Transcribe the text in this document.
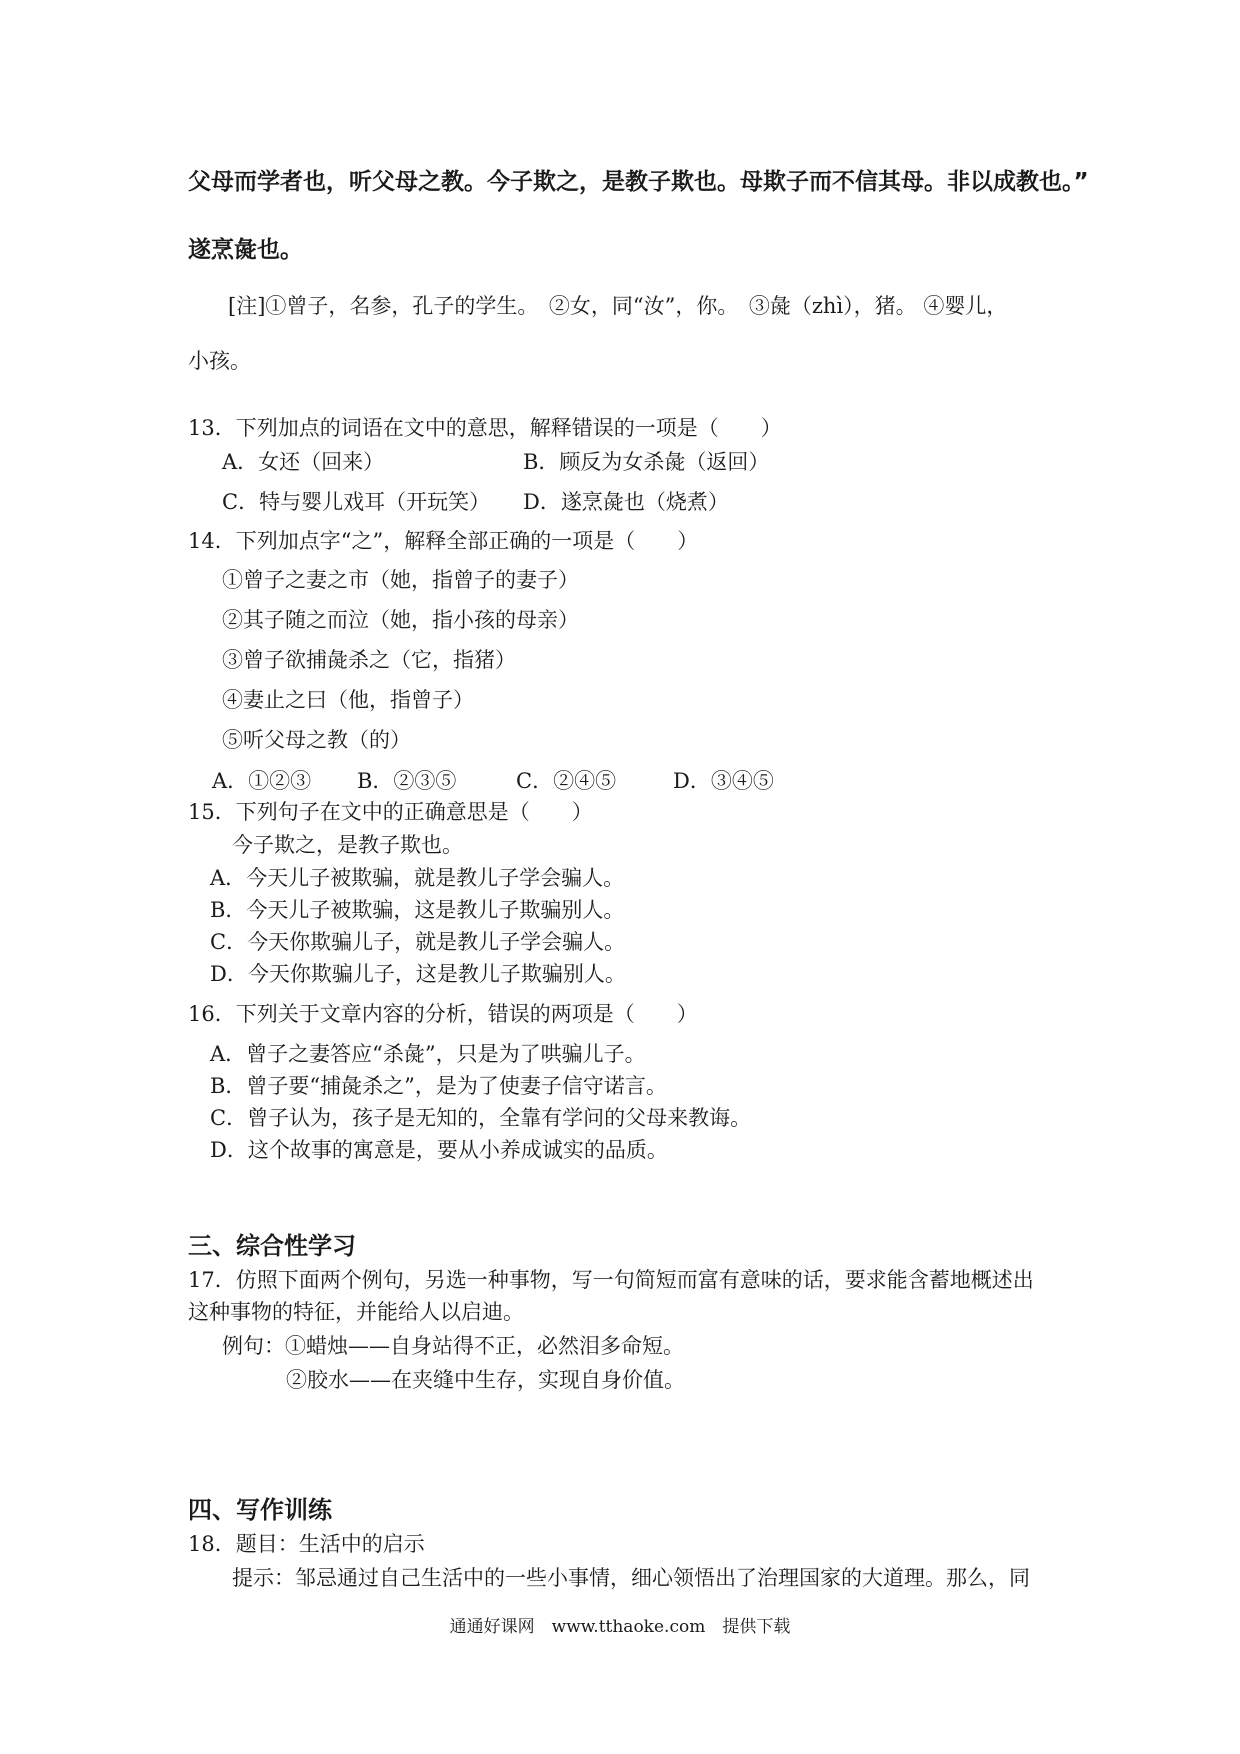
父母而学者也，听父母之教。今子欺之，是教子欺也。母欺子而不信其母。非以成教也。”
遂烹彘也。
[注]①曾子，名参，孔子的学生。　②女，同“汝”，你。　③彘（zhì），猪。 ④婴儿，
小孩。
13．下列加点的词语在文中的意思，解释错误的一项是（　　）
A．女还（回来）	B．顾反为女杀彘（返回）
C．特与婴儿戏耳（开玩笑） D．遂烹彘也（烧煮）
14．下列加点字“之”，解释全部正确的一项是（　　）
①曾子之妻之市（她，指曾子的妻子）
②其子随之而泣（她，指小孩的母亲）
③曾子欲捕彘杀之（它，指猪）
④妻止之曰（他，指曾子）
⑤听父母之教（的）
A．①②③ B．②③⑤	C．②④⑤	D．③④⑤
15．下列句子在文中的正确意思是（　　）
今子欺之，是教子欺也。
A．今天儿子被欺骗，就是教儿子学会骗人。
B．今天儿子被欺骗，这是教儿子欺骗别人。
C．今天你欺骗儿子，就是教儿子学会骗人。
D．今天你欺骗儿子，这是教儿子欺骗别人。
16．下列关于文章内容的分析，错误的两项是（　　）
A．曾子之妻答应“杀彘”，只是为了哄骗儿子。
B．曾子要“捕彘杀之”，是为了使妻子信守诺言。
C．曾子认为，孩子是无知的，全靠有学问的父母来教诲。
D．这个故事的寓意是，要从小养成诚实的品质。
三、综合性学习
17．仿照下面两个例句，另选一种事物，写一句简短而富有意味的话，要求能含蓄地概述出
这种事物的特征，并能给人以启迪。
例句：①蜡烛——自身站得不正，必然泪多命短。
②胶水——在夹缝中生存，实现自身价值。
四、写作训练
18．题目：生活中的启示
提示：邹忌通过自己生活中的一些小事情，细心领悟出了治理国家的大道理。那么，同
通通好课网　www.tthaoke.com　提供下载
